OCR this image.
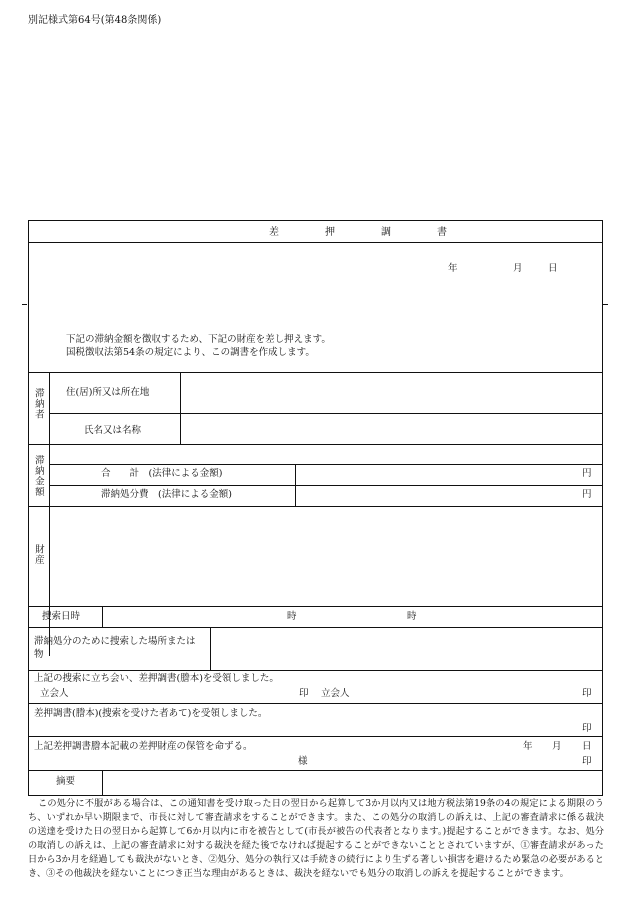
別記様式第64号(第48条関係)
差　押　調　書
年	月	日
下記の滞納金額を徴収するため、下記の財産を差し押えます。
国税徴収法第54条の規定により、この調書を作成します。
滞納者 住(居)所又は所在地
氏名又は名称
滞納金額	合　　計　(法律による金額)	円
滞納処分費　(法律による金額)	円
財産
捜索日時	時	時
滞納処分のために捜索した場所または
物
上記の捜索に立ち会い、差押調書(謄本)を受領しました。
立会人	印 立会人	印
差押調書(謄本)(捜索を受けた者あて)を受領しました。
印
上記差押調書謄本記載の差押財産の保管を命ずる。	年 月 日
様	印
摘要
この処分に不服がある場合は、この通知書を受け取った日の翌日から起算して3か月以内又は地方税法第19条の4の規定による期限のうち、いずれか早い期限まで、市長に対して審査請求をすることができます。また、この処分の取消しの訴えは、上記の審査請求に係る裁決の送達を受けた日の翌日から起算して6か月以内に市を被告として(市長が被告の代表者となります。)提起することができます。なお、処分の取消しの訴えは、上記の審査請求に対する裁決を経た後でなければ提起することができないこととされていますが、①審査請求があった日から3か月を経過しても裁決がないとき、②処分、処分の執行又は手続きの続行により生ずる著しい損害を避けるため緊急の必要があるとき、③その他裁決を経ないことにつき正当な理由があるときは、裁決を経ないでも処分の取消しの訴えを提起することができます。
